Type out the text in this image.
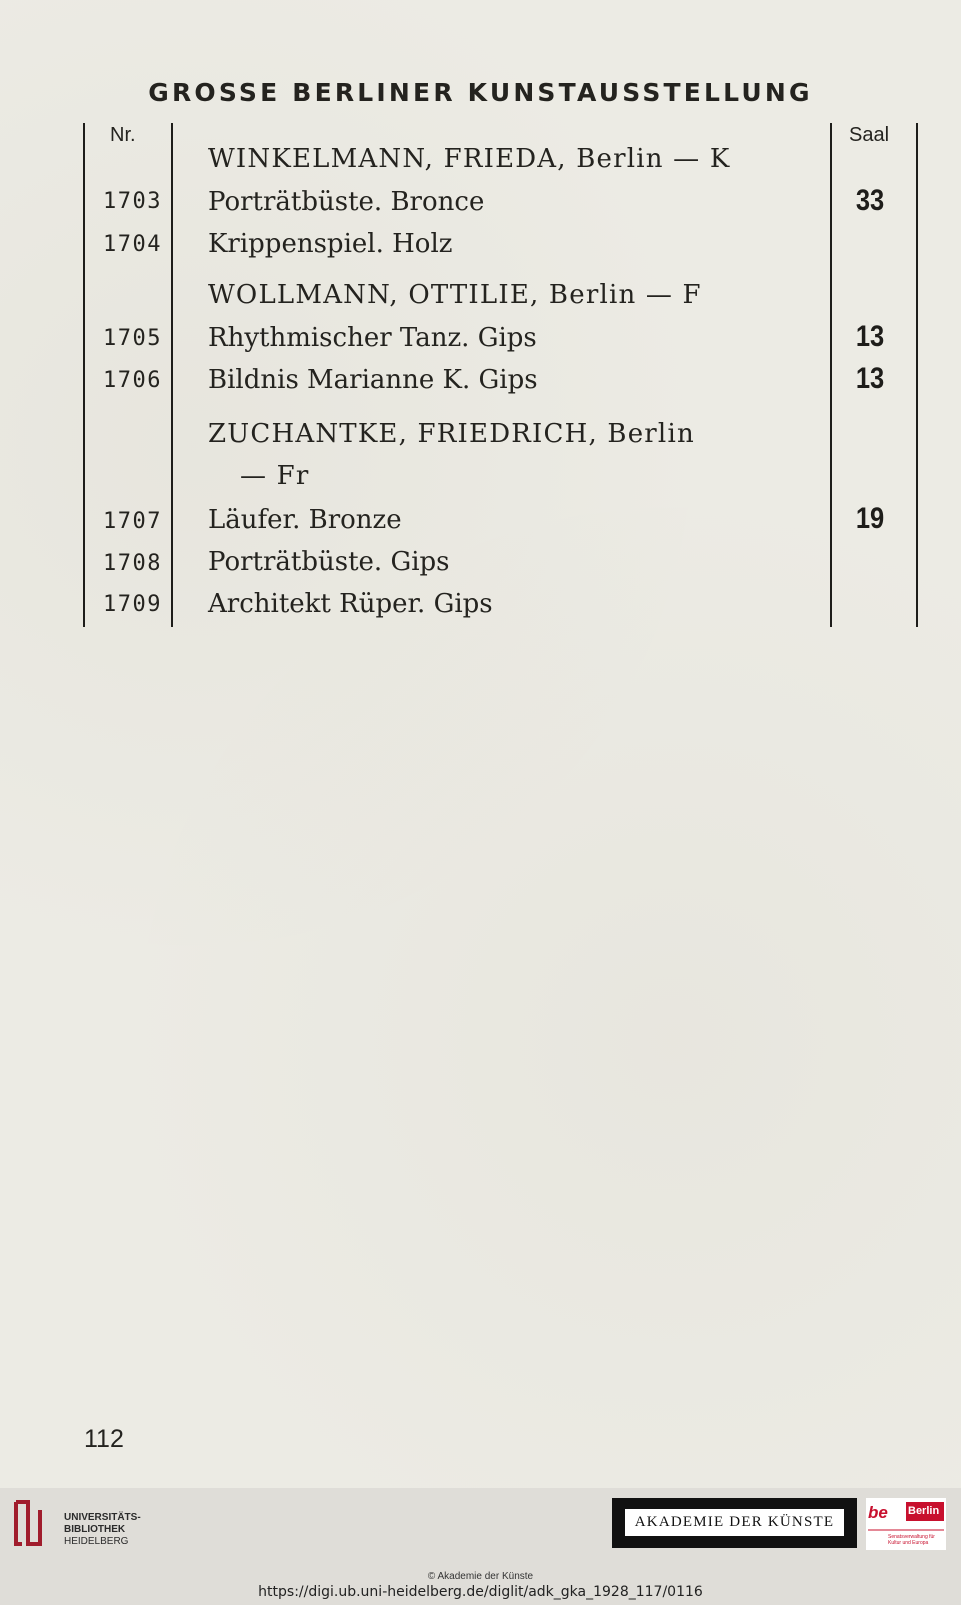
GROSSE BERLINER KUNSTAUSSTELLUNG
Nr.	Saal
WINKELMANN, FRIEDA, Berlin — K
1703 Porträtbüste. Bronce	33
1704 Krippenspiel. Holz
WOLLMANN, OTTILIE, Berlin — F
1705 Rhythmischer Tanz. Gips	13
1706 Bildnis Marianne K. Gips	13
ZUCHANTKE, FRIEDRICH, Berlin
— Fr
1707 Läufer. Bronze	19
1708 Porträtbüste. Gips
1709 Architekt Rüper. Gips
112
UNIVERSITÄTS-
BIBLIOTHEK
HEIDELBERG
AKADEMIE DER KÜNSTE	be Berlin
Senatsverwaltung für Kultur und Europa
© Akademie der Künste
https://digi.ub.uni-heidelberg.de/diglit/adk_gka_1928_117/0116
